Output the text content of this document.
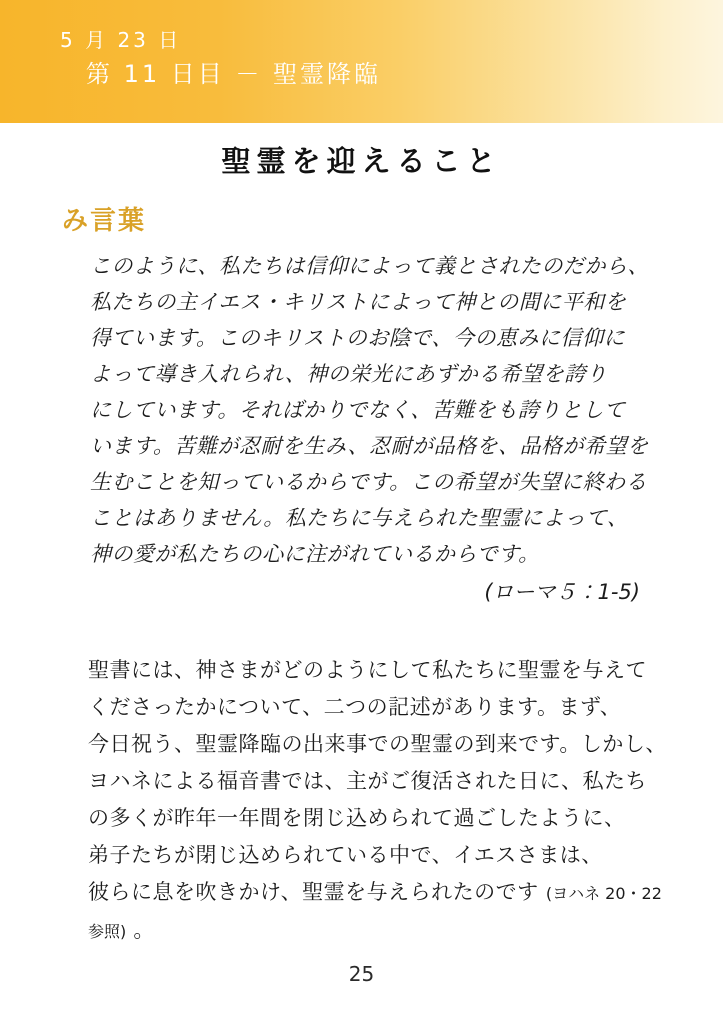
5 月 23 日
第 11 日目 － 聖霊降臨
聖霊を迎えること
み言葉
このように、私たちは信仰によって義とされたのだから、
私たちの主イエス・キリストによって神との間に平和を
得ています。このキリストのお陰で、今の恵みに信仰に
よって導き入れられ、神の栄光にあずかる希望を誇り
にしています。そればかりでなく、苦難をも誇りとして
います。苦難が忍耐を生み、忍耐が品格を、品格が希望を
生むことを知っているからです。この希望が失望に終わる
ことはありません。私たちに与えられた聖霊によって、
神の愛が私たちの心に注がれているからです。
(ローマ５：1-5)
聖書には、神さまがどのようにして私たちに聖霊を与えて
くださったかについて、二つの記述があります。まず、
今日祝う、聖霊降臨の出来事での聖霊の到来です。しかし、
ヨハネによる福音書では、主がご復活された日に、私たち
の多くが昨年一年間を閉じ込められて過ごしたように、
弟子たちが閉じ込められている中で、イエスさまは、
彼らに息を吹きかけ、聖霊を与えられたのです (ヨハネ 20・22
参照) 。
25
